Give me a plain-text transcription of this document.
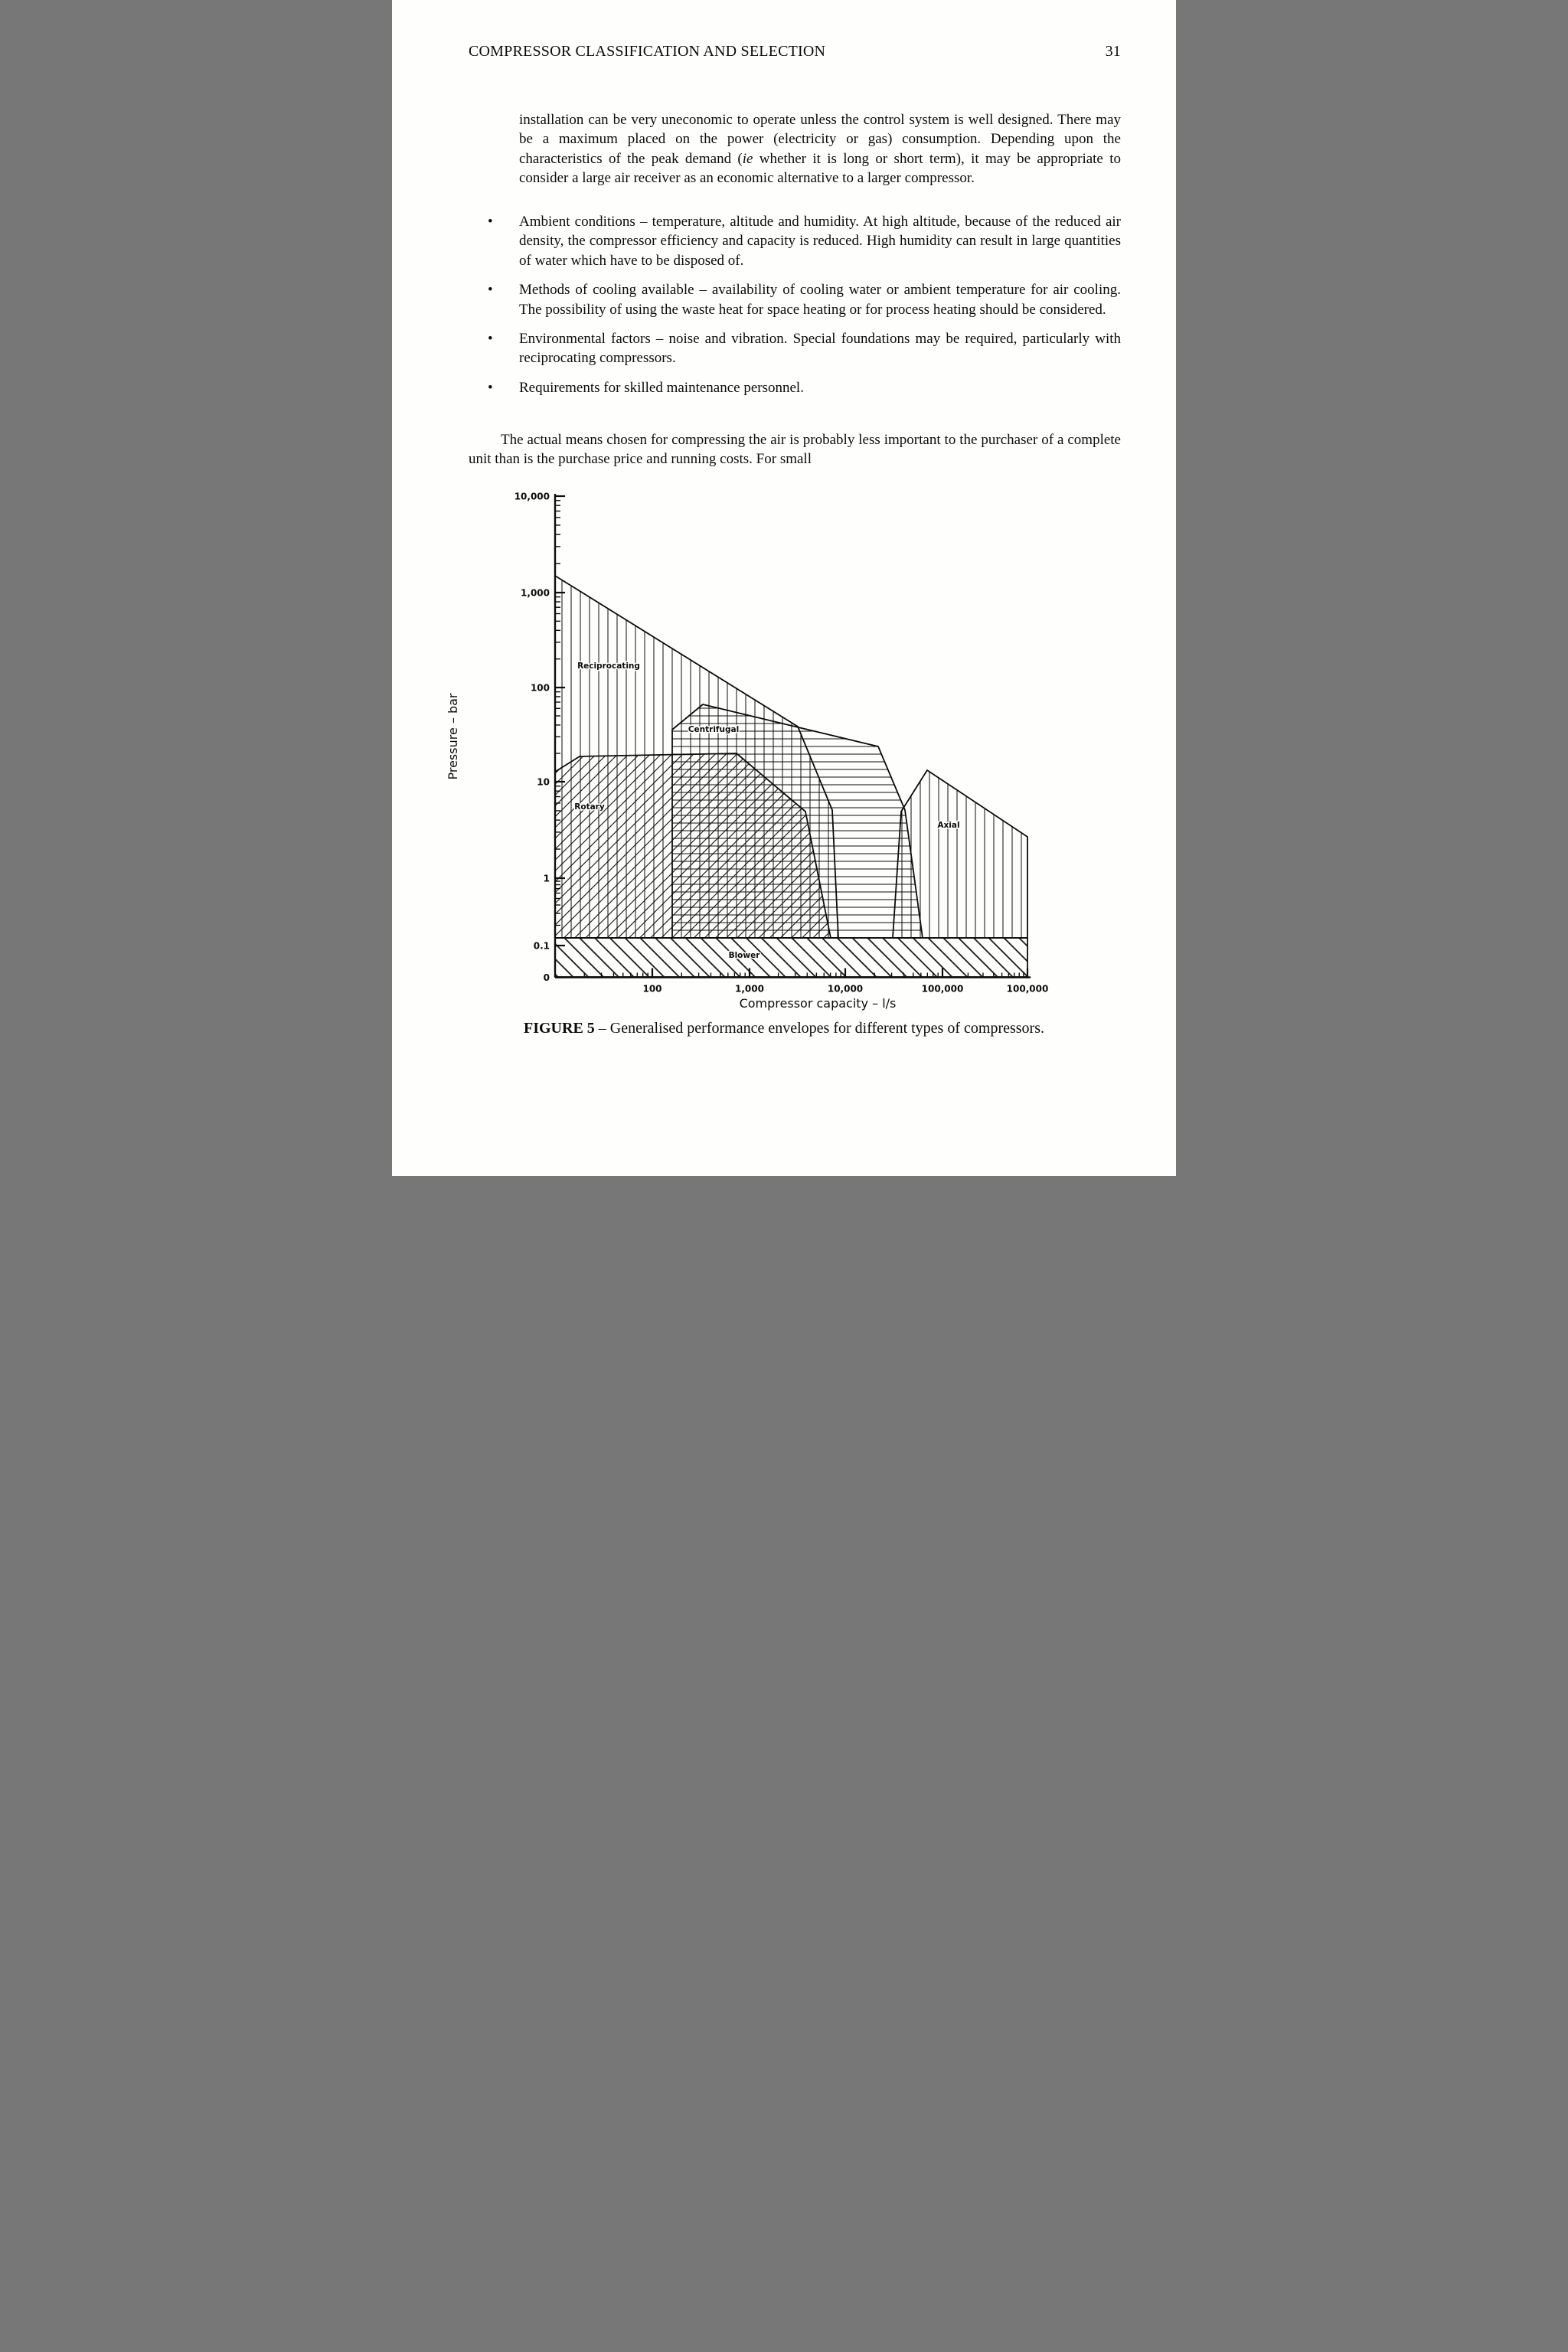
COMPRESSOR CLASSIFICATION AND SELECTION	31
installation can be very uneconomic to operate unless the control system is well designed. There may be a maximum placed on the power (electricity or gas) consumption. Depending upon the characteristics of the peak demand (ie whether it is long or short term), it may be appropriate to consider a large air receiver as an economic alternative to a larger compressor.
•	Ambient conditions – temperature, altitude and humidity. At high altitude, because of the reduced air density, the compressor efficiency and capacity is reduced. High humidity can result in large quantities of water which have to be disposed of.
•	Methods of cooling available – availability of cooling water or ambient temperature for air cooling. The possibility of using the waste heat for space heating or for process heating should be considered.
•	Environmental factors – noise and vibration. Special foundations may be required, particularly with reciprocating compressors.
•	Requirements for skilled maintenance personnel.
The actual means chosen for compressing the air is probably less important to the purchaser of a complete unit than is the purchase price and running costs. For small
10,000
1,000
100
10
1
0.1
0
100	1,000	10,000	100,000	100,000
Reciprocating
Centrifugal
Rotary
Axial
Blower
Pressure – bar
Compressor capacity – l/s
FIGURE 5 – Generalised performance envelopes for different types of compressors.
